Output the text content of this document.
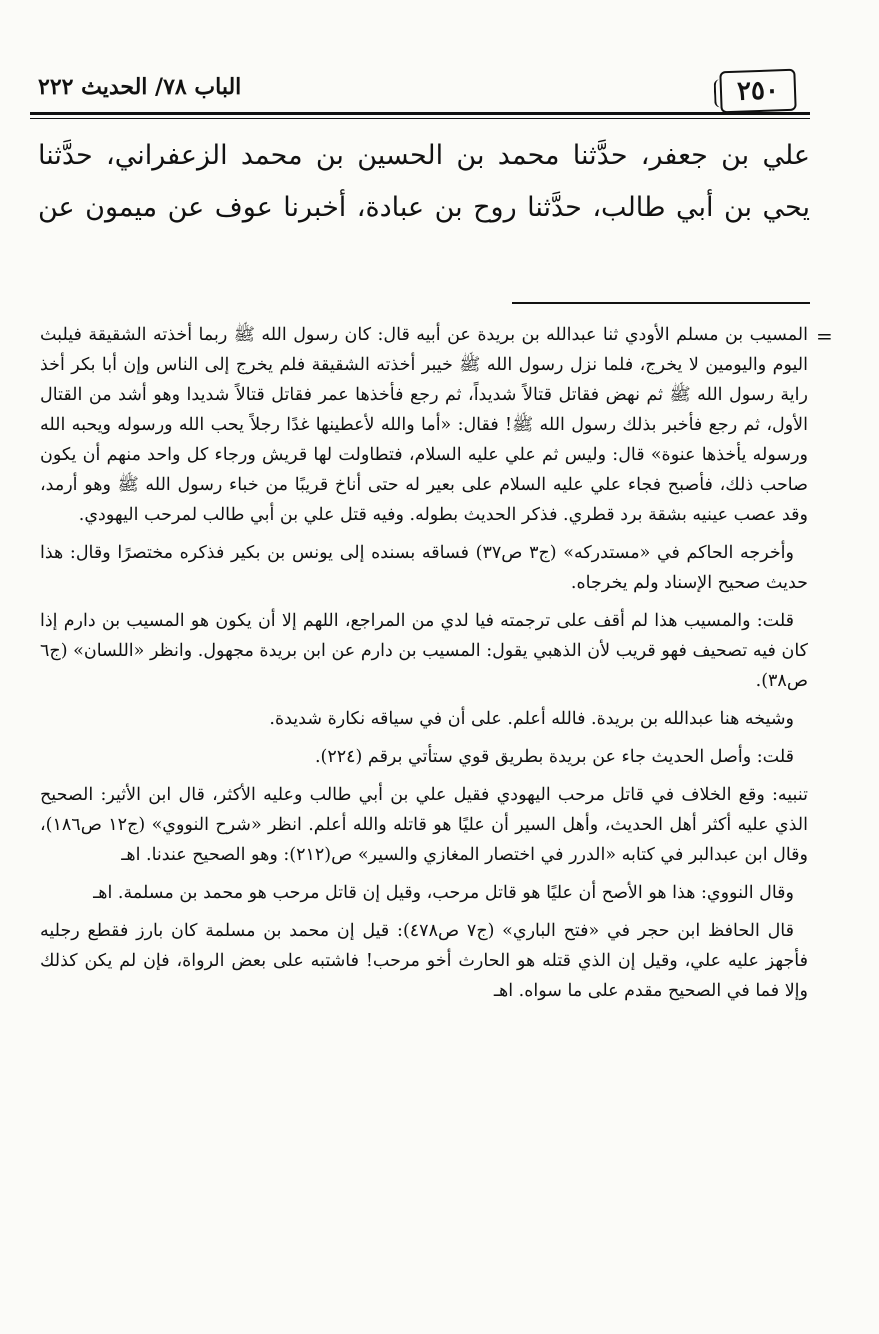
٢٥٠
الباب ٧٨/ الحديث ٢٢٢

علي بن جعفر، حدَّثنا محمد بن الحسين بن محمد الزعفراني، حدَّثنا

يحي بن أبي طالب، حدَّثنا روح بن عبادة، أخبرنا عوف عن ميمون عن

=

المسيب بن مسلم الأودي ثنا عبدالله بن بريدة عن أبيه قال: كان رسول الله ﷺ ربما أخذته الشقيقة فيلبث اليوم واليومين لا يخرج، فلما نزل رسول الله ﷺ خيبر أخذته الشقيقة فلم يخرج إلى الناس وإن أبا بكر أخذ راية رسول الله ﷺ ثم نهض فقاتل قتالاً شديداً، ثم رجع فأخذها عمر فقاتل قتالاً شديدا وهو أشد من القتال الأول، ثم رجع فأخبر بذلك رسول الله ﷺ! فقال: «أما والله لأعطينها غدًا رجلاً يحب الله ورسوله ويحبه الله ورسوله يأخذها عنوة» قال: وليس ثم علي عليه السلام، فتطاولت لها قريش ورجاء كل واحد منهم أن يكون صاحب ذلك، فأصبح فجاء علي عليه السلام على بعير له حتى أناخ قريبًا من خباء رسول الله ﷺ وهو أرمد، وقد عصب عينيه بشقة برد قطري. فذكر الحديث بطوله. وفيه قتل علي بن أبي طالب لمرحب اليهودي.

وأخرجه الحاكم في «مستدركه» (ج٣ ص٣٧) فساقه بسنده إلى يونس بن بكير فذكره مختصرًا وقال: هذا حديث صحيح الإسناد ولم يخرجاه.

قلت: والمسيب هذا لم أقف على ترجمته فيا لدي من المراجع، اللهم إلا أن يكون هو المسيب بن دارم إذا كان فيه تصحيف فهو قريب لأن الذهبي يقول: المسيب بن دارم عن ابن بريدة مجهول. وانظر «اللسان» (ج٦ ص٣٨).

وشيخه هنا عبدالله بن بريدة. فالله أعلم. على أن في سياقه نكارة شديدة.

قلت: وأصل الحديث جاء عن بريدة بطريق قوي ستأتي برقم (٢٢٤).

تنبيه: وقع الخلاف في قاتل مرحب اليهودي فقيل علي بن أبي طالب وعليه الأكثر، قال ابن الأثير: الصحيح الذي عليه أكثر أهل الحديث، وأهل السير أن عليًا هو قاتله والله أعلم. انظر «شرح النووي» (ج١٢ ص١٨٦)، وقال ابن عبدالبر في كتابه «الدرر في اختصار المغازي والسير» ص(٢١٢): وهو الصحيح عندنا. اهـ

وقال النووي: هذا هو الأصح أن عليًا هو قاتل مرحب، وقيل إن قاتل مرحب هو محمد بن مسلمة. اهـ

قال الحافظ ابن حجر في «فتح الباري» (ج٧ ص٤٧٨): قيل إن محمد بن مسلمة كان بارز فقطع رجليه فأجهز عليه علي، وقيل إن الذي قتله هو الحارث أخو مرحب! فاشتبه على بعض الرواة، فإن لم يكن كذلك وإلا فما في الصحيح مقدم على ما سواه. اهـ
